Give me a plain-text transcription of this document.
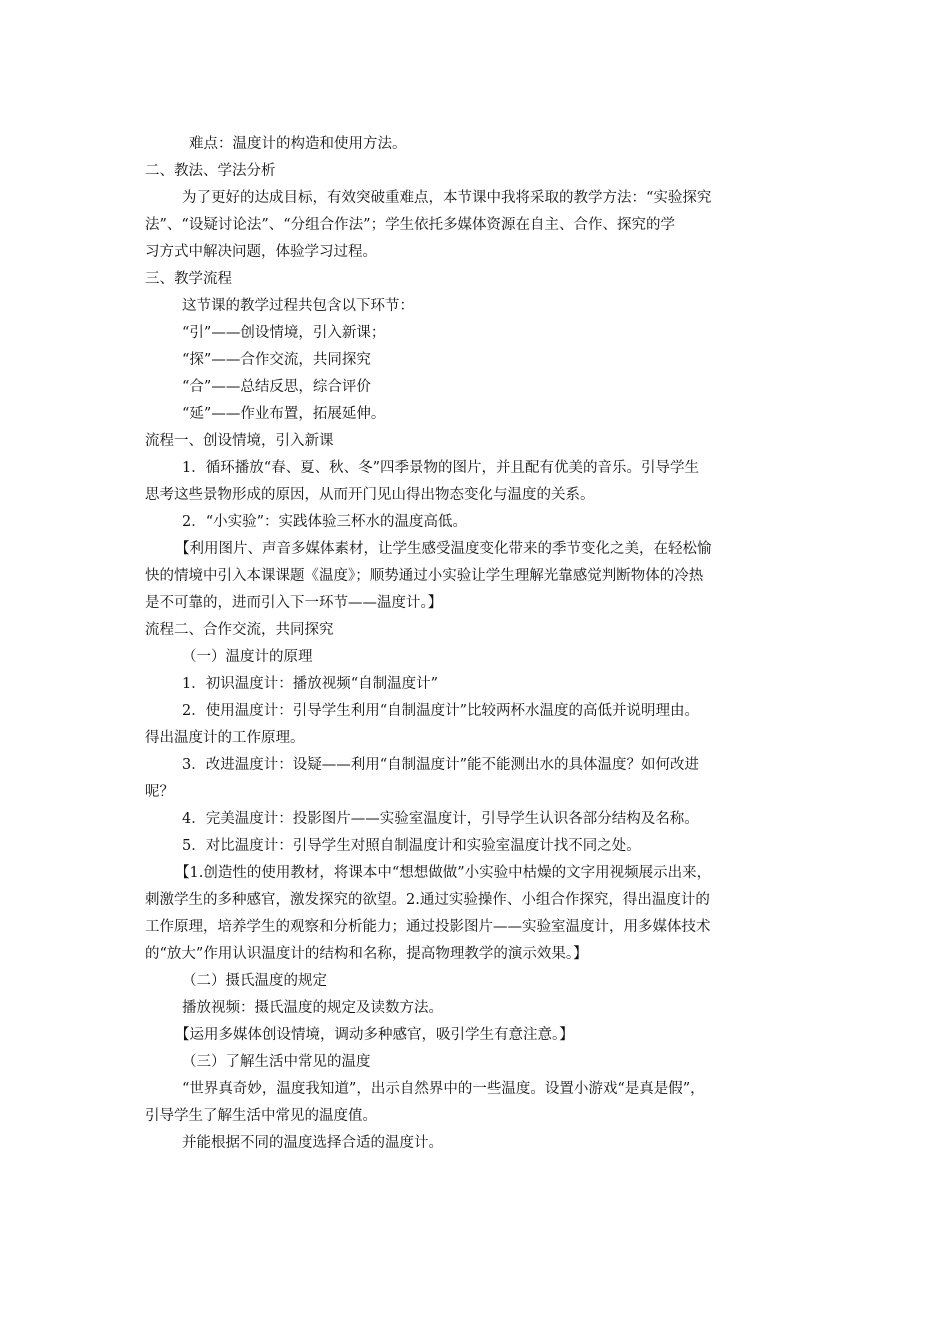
难点：温度计的构造和使用方法。
二、教法、学法分析
为了更好的达成目标，有效突破重难点，本节课中我将采取的教学方法：“实验探究
法”、“设疑讨论法”、“分组合作法”；学生依托多媒体资源在自主、合作、探究的学
习方式中解决问题，体验学习过程。
三、教学流程
这节课的教学过程共包含以下环节：
“引”——创设情境，引入新课；
“探”——合作交流，共同探究
“合”——总结反思，综合评价
“延”——作业布置，拓展延伸。
流程一、创设情境，引入新课
1．循环播放“春、夏、秋、冬”四季景物的图片，并且配有优美的音乐。引导学生
思考这些景物形成的原因，从而开门见山得出物态变化与温度的关系。
2．“小实验”：实践体验三杯水的温度高低。
【利用图片、声音多媒体素材，让学生感受温度变化带来的季节变化之美，在轻松愉
快的情境中引入本课课题《温度》；顺势通过小实验让学生理解光靠感觉判断物体的冷热
是不可靠的，进而引入下一环节——温度计。】
流程二、合作交流，共同探究
（一）温度计的原理
1．初识温度计：播放视频“自制温度计”
2．使用温度计：引导学生利用“自制温度计”比较两杯水温度的高低并说明理由。
得出温度计的工作原理。
3．改进温度计：设疑——利用“自制温度计”能不能测出水的具体温度？如何改进
呢？
4．完美温度计：投影图片——实验室温度计，引导学生认识各部分结构及名称。
5．对比温度计：引导学生对照自制温度计和实验室温度计找不同之处。
【1.创造性的使用教材，将课本中“想想做做”小实验中枯燥的文字用视频展示出来，
刺激学生的多种感官，激发探究的欲望。2.通过实验操作、小组合作探究，得出温度计的
工作原理，培养学生的观察和分析能力；通过投影图片——实验室温度计，用多媒体技术
的“放大”作用认识温度计的结构和名称，提高物理教学的演示效果。】
（二）摄氏温度的规定
播放视频：摄氏温度的规定及读数方法。
【运用多媒体创设情境，调动多种感官，吸引学生有意注意。】
（三）了解生活中常见的温度
“世界真奇妙，温度我知道”，出示自然界中的一些温度。设置小游戏“是真是假”，
引导学生了解生活中常见的温度值。
并能根据不同的温度选择合适的温度计。
